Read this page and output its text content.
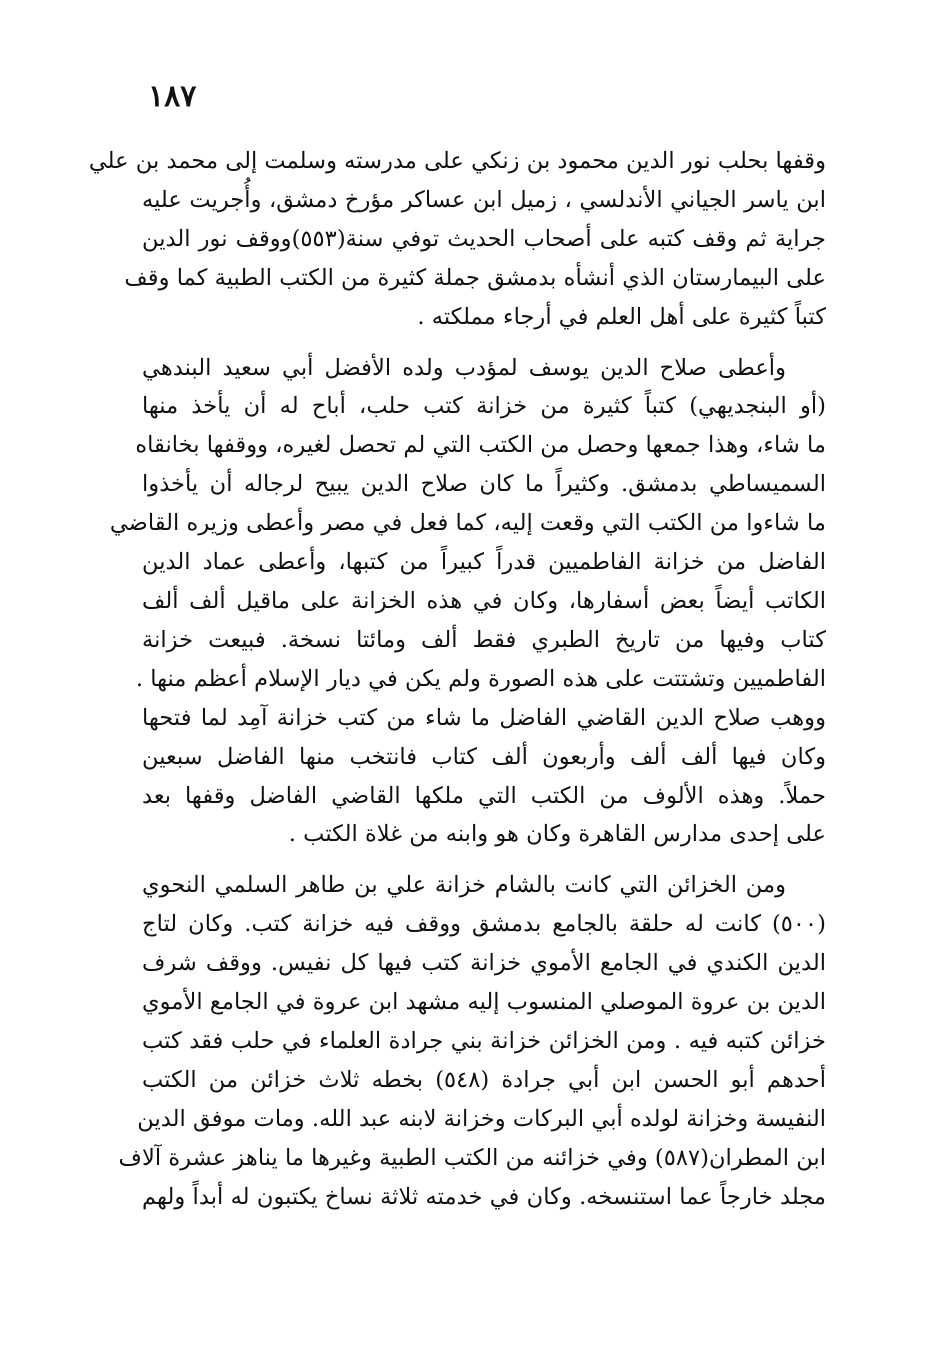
١٨٧
وقفها بحلب نور الدين محمود بن زنكي على مدرسته وسلمت إلى محمد بن علي
ابن ياسر الجياني الأندلسي ، زميل ابن عساكر مؤرخ دمشق، وأُجريت عليه
جراية ثم وقف كتبه على أصحاب الحديث توفي سنة(٥٥٣)ووقف نور الدين
على البيمارستان الذي أنشأه بدمشق جملة كثيرة من الكتب الطبية كما وقف
كتباً كثيرة على أهل العلم في أرجاء مملكته .
وأعطى صلاح الدين يوسف لمؤدب ولده الأفضل أبي سعيد البندهي
(أو البنجديهي) كتباً كثيرة من خزانة كتب حلب، أباح له أن يأخذ منها
ما شاء، وهذا جمعها وحصل من الكتب التي لم تحصل لغيره، ووقفها بخانقاه
السميساطي بدمشق. وكثيراً ما كان صلاح الدين يبيح لرجاله أن يأخذوا
ما شاءوا من الكتب التي وقعت إليه، كما فعل في مصر وأعطى وزيره القاضي
الفاضل من خزانة الفاطميين قدراً كبيراً من كتبها، وأعطى عماد الدين
الكاتب أيضاً بعض أسفارها، وكان في هذه الخزانة على ماقيل ألف ألف
كتاب وفيها من تاريخ الطبري فقط ألف ومائتا نسخة. فبيعت خزانة
الفاطميين وتشتتت على هذه الصورة ولم يكن في ديار الإسلام أعظم منها .
ووهب صلاح الدين القاضي الفاضل ما شاء من كتب خزانة آمِد لما فتحها
وكان فيها ألف ألف وأربعون ألف كتاب فانتخب منها الفاضل سبعين
حملاً. وهذه الألوف من الكتب التي ملكها القاضي الفاضل وقفها بعد
على إحدى مدارس القاهرة وكان هو وابنه من غلاة الكتب .
ومن الخزائن التي كانت بالشام خزانة علي بن طاهر السلمي النحوي
(٥٠٠) كانت له حلقة بالجامع بدمشق ووقف فيه خزانة كتب. وكان لتاج
الدين الكندي في الجامع الأموي خزانة كتب فيها كل نفيس. ووقف شرف
الدين بن عروة الموصلي المنسوب إليه مشهد ابن عروة في الجامع الأموي
خزائن كتبه فيه . ومن الخزائن خزانة بني جرادة العلماء في حلب فقد كتب
أحدهم أبو الحسن ابن أبي جرادة (٥٤٨) بخطه ثلاث خزائن من الكتب
النفيسة وخزانة لولده أبي البركات وخزانة لابنه عبد الله. ومات موفق الدين
ابن المطران(٥٨٧) وفي خزائنه من الكتب الطبية وغيرها ما يناهز عشرة آلاف
مجلد خارجاً عما استنسخه. وكان في خدمته ثلاثة نساخ يكتبون له أبداً ولهم
